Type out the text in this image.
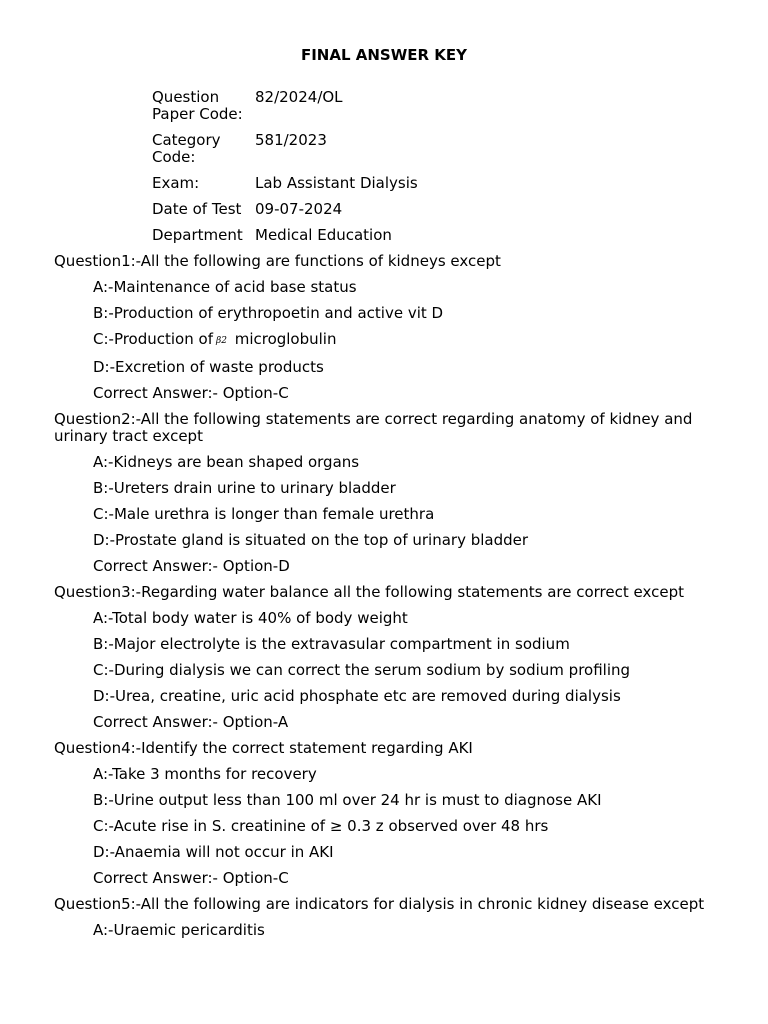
FINAL ANSWER KEY
Question Paper Code:
82/2024/OL
Category Code:
581/2023
Exam:	Lab Assistant Dialysis
Date of Test 09-07-2024
Department Medical Education
Question1:-All the following are functions of kidneys except
A:-Maintenance of acid base status
B:-Production of erythropoetin and active vit D
C:-Production of β2 microglobulin
D:-Excretion of waste products
Correct Answer:- Option-C
Question2:-All the following statements are correct regarding anatomy of kidney and urinary tract except
A:-Kidneys are bean shaped organs
B:-Ureters drain urine to urinary bladder
C:-Male urethra is longer than female urethra
D:-Prostate gland is situated on the top of urinary bladder
Correct Answer:- Option-D
Question3:-Regarding water balance all the following statements are correct except
A:-Total body water is 40% of body weight
B:-Major electrolyte is the extravasular compartment in sodium
C:-During dialysis we can correct the serum sodium by sodium profiling
D:-Urea, creatine, uric acid phosphate etc are removed during dialysis
Correct Answer:- Option-A
Question4:-Identify the correct statement regarding AKI
A:-Take 3 months for recovery
B:-Urine output less than 100 ml over 24 hr is must to diagnose AKI
C:-Acute rise in S. creatinine of ≥ 0.3 z observed over 48 hrs
D:-Anaemia will not occur in AKI
Correct Answer:- Option-C
Question5:-All the following are indicators for dialysis in chronic kidney disease except
A:-Uraemic pericarditis
